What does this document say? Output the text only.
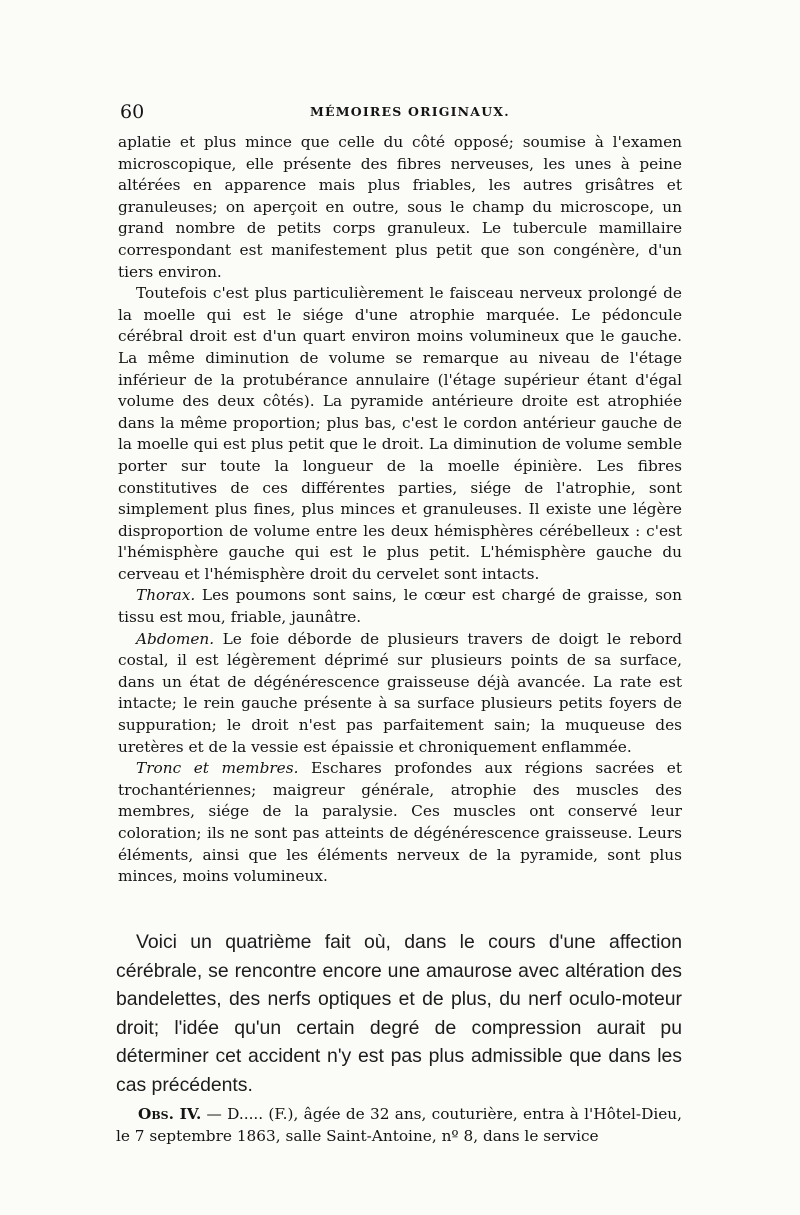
60	MÉMOIRES ORIGINAUX.

aplatie et plus mince que celle du côté opposé; soumise à l'examen microscopique, elle présente des fibres nerveuses, les unes à peine altérées en apparence mais plus friables, les autres grisâtres et granuleuses; on aperçoit en outre, sous le champ du microscope, un grand nombre de petits corps granuleux. Le tubercule mamillaire correspondant est manifestement plus petit que son congénère, d'un tiers environ.

Toutefois c'est plus particulièrement le faisceau nerveux prolongé de la moelle qui est le siége d'une atrophie marquée. Le pédoncule cérébral droit est d'un quart environ moins volumineux que le gauche. La même diminution de volume se remarque au niveau de l'étage inférieur de la protubérance annulaire (l'étage supérieur étant d'égal volume des deux côtés). La pyramide antérieure droite est atrophiée dans la même proportion; plus bas, c'est le cordon antérieur gauche de la moelle qui est plus petit que le droit. La diminution de volume semble porter sur toute la longueur de la moelle épinière. Les fibres constitutives de ces différentes parties, siége de l'atrophie, sont simplement plus fines, plus minces et granuleuses. Il existe une légère disproportion de volume entre les deux hémisphères cérébelleux : c'est l'hémisphère gauche qui est le plus petit. L'hémisphère gauche du cerveau et l'hémisphère droit du cervelet sont intacts.

Thorax. Les poumons sont sains, le cœur est chargé de graisse, son tissu est mou, friable, jaunâtre.

Abdomen. Le foie déborde de plusieurs travers de doigt le rebord costal, il est légèrement déprimé sur plusieurs points de sa surface, dans un état de dégénérescence graisseuse déjà avancée. La rate est intacte; le rein gauche présente à sa surface plusieurs petits foyers de suppuration; le droit n'est pas parfaitement sain; la muqueuse des uretères et de la vessie est épaissie et chroniquement enflammée.

Tronc et membres. Eschares profondes aux régions sacrées et trochantériennes; maigreur générale, atrophie des muscles des membres, siége de la paralysie. Ces muscles ont conservé leur coloration; ils ne sont pas atteints de dégénérescence graisseuse. Leurs éléments, ainsi que les éléments nerveux de la pyramide, sont plus minces, moins volumineux.

Voici un quatrième fait où, dans le cours d'une affection cérébrale, se rencontre encore une amaurose avec altération des bandelettes, des nerfs optiques et de plus, du nerf oculo-moteur droit; l'idée qu'un certain degré de compression aurait pu déterminer cet accident n'y est pas plus admissible que dans les cas précédents.

Obs. IV. — D..... (F.), âgée de 32 ans, couturière, entra à l'Hôtel-Dieu, le 7 septembre 1863, salle Saint-Antoine, nº 8, dans le service
